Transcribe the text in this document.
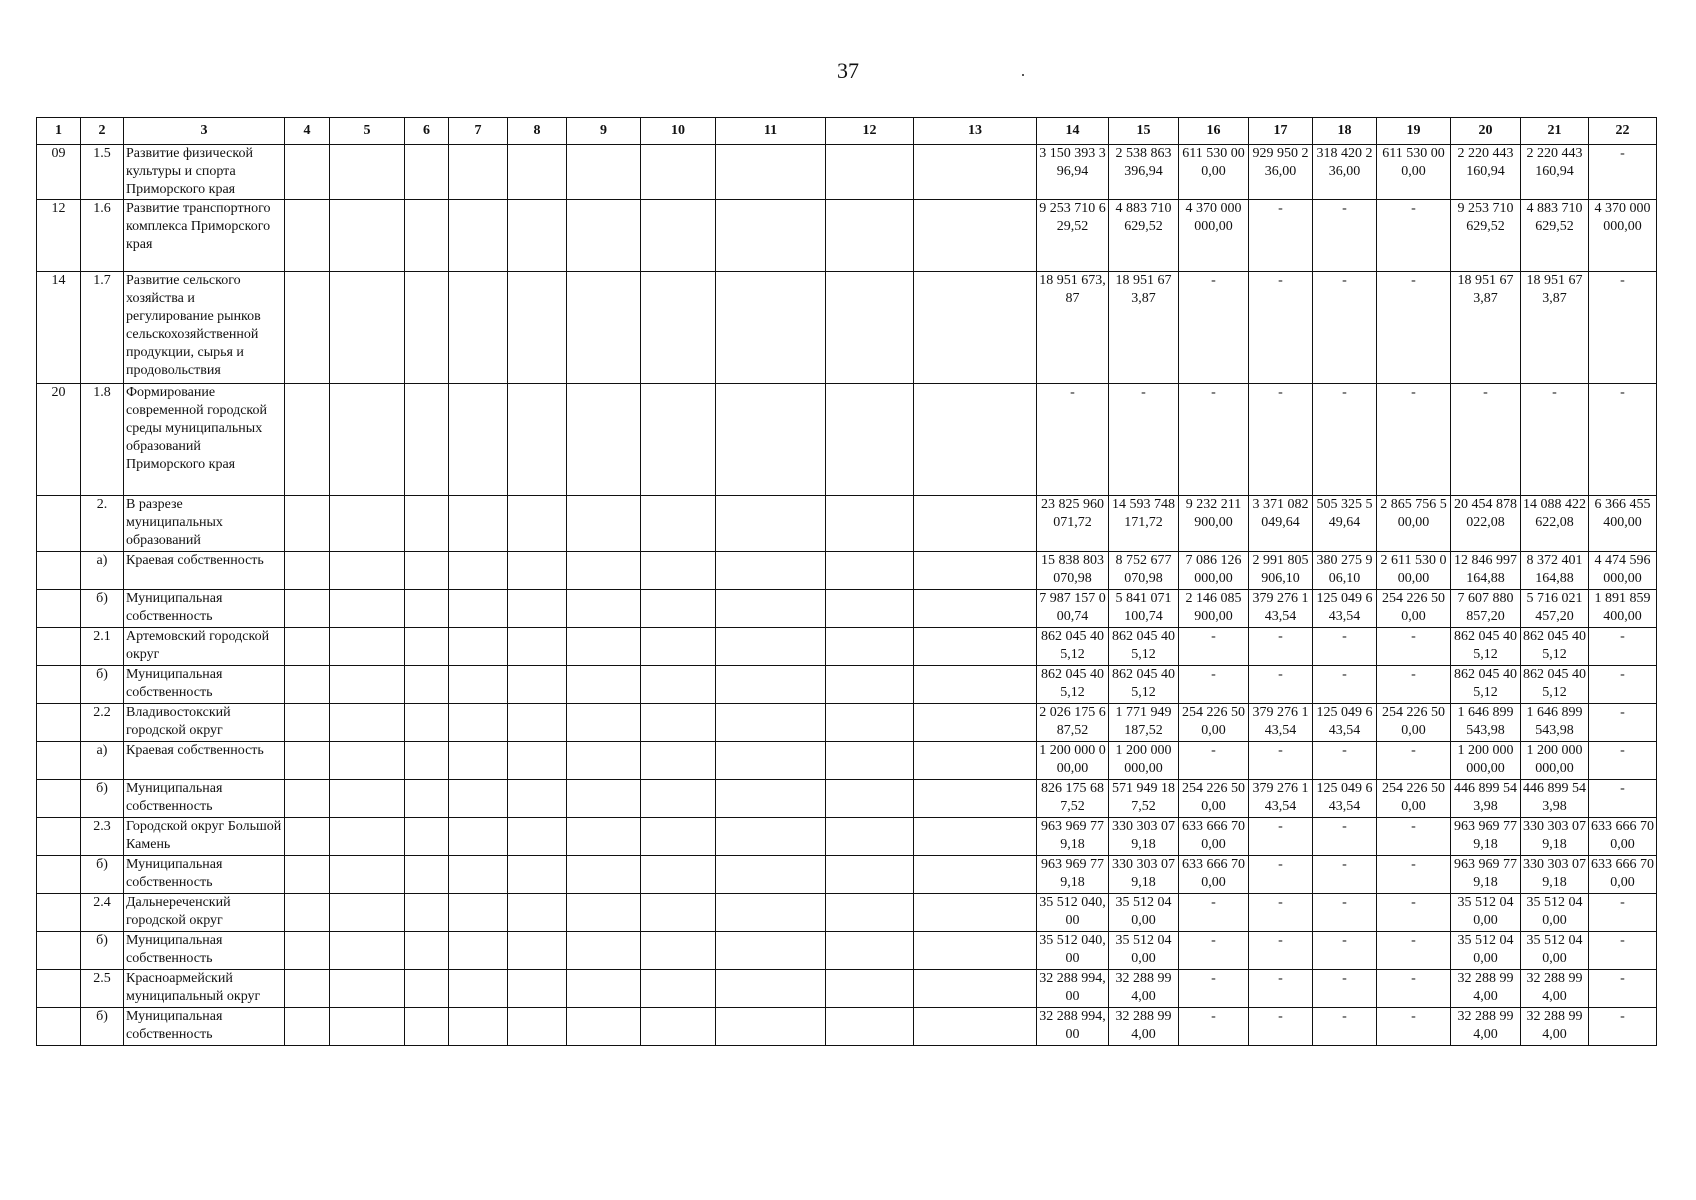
37
1	2	3	4	5	6	7	8	9	10	11	12	13	14	15	16	17	18	19	20	21	22
09	1.5	Развитие физической культуры и спорта Приморского края											3 150 393 396,94	2 538 863 396,94	611 530 000,00	929 950 236,00	318 420 236,00	611 530 000,00	2 220 443 160,94	2 220 443 160,94	-
12	1.6	Развитие транспортного комплекса Приморского края											9 253 710 629,52	4 883 710 629,52	4 370 000 000,00	-	-	-	9 253 710 629,52	4 883 710 629,52	4 370 000 000,00
14	1.7	Развитие сельского хозяйства и регулирование рынков сельскохозяйственной продукции, сырья и продовольствия											18 951 673,87	18 951 673,87	-	-	-	-	18 951 673,87	18 951 673,87	-
20	1.8	Формирование современной городской среды муниципальных образований Приморского края											-	-	-	-	-	-	-	-	-
	2.	В разрезе муниципальных образований											23 825 960 071,72	14 593 748 171,72	9 232 211 900,00	3 371 082 049,64	505 325 549,64	2 865 756 500,00	20 454 878 022,08	14 088 422 622,08	6 366 455 400,00
	а)	Краевая собственность											15 838 803 070,98	8 752 677 070,98	7 086 126 000,00	2 991 805 906,10	380 275 906,10	2 611 530 000,00	12 846 997 164,88	8 372 401 164,88	4 474 596 000,00
	б)	Муниципальная собственность											7 987 157 000,74	5 841 071 100,74	2 146 085 900,00	379 276 143,54	125 049 643,54	254 226 500,00	7 607 880 857,20	5 716 021 457,20	1 891 859 400,00
	2.1	Артемовский городской округ											862 045 405,12	862 045 405,12	-	-	-	-	862 045 405,12	862 045 405,12	-
	б)	Муниципальная собственность											862 045 405,12	862 045 405,12	-	-	-	-	862 045 405,12	862 045 405,12	-
	2.2	Владивостокский городской округ											2 026 175 687,52	1 771 949 187,52	254 226 500,00	379 276 143,54	125 049 643,54	254 226 500,00	1 646 899 543,98	1 646 899 543,98	-
	а)	Краевая собственность											1 200 000 000,00	1 200 000 000,00	-	-	-	-	1 200 000 000,00	1 200 000 000,00	-
	б)	Муниципальная собственность											826 175 687,52	571 949 187,52	254 226 500,00	379 276 143,54	125 049 643,54	254 226 500,00	446 899 543,98	446 899 543,98	-
	2.3	Городской округ Большой Камень											963 969 779,18	330 303 079,18	633 666 700,00	-	-	-	963 969 779,18	330 303 079,18	633 666 700,00
	б)	Муниципальная собственность											963 969 779,18	330 303 079,18	633 666 700,00	-	-	-	963 969 779,18	330 303 079,18	633 666 700,00
	2.4	Дальнереченский городской округ											35 512 040,00	35 512 040,00	-	-	-	-	35 512 040,00	35 512 040,00	-
	б)	Муниципальная собственность											35 512 040,00	35 512 040,00	-	-	-	-	35 512 040,00	35 512 040,00	-
	2.5	Красноармейский муниципальный округ											32 288 994,00	32 288 994,00	-	-	-	-	32 288 994,00	32 288 994,00	-
	б)	Муниципальная собственность											32 288 994,00	32 288 994,00	-	-	-	-	32 288 994,00	32 288 994,00	-
